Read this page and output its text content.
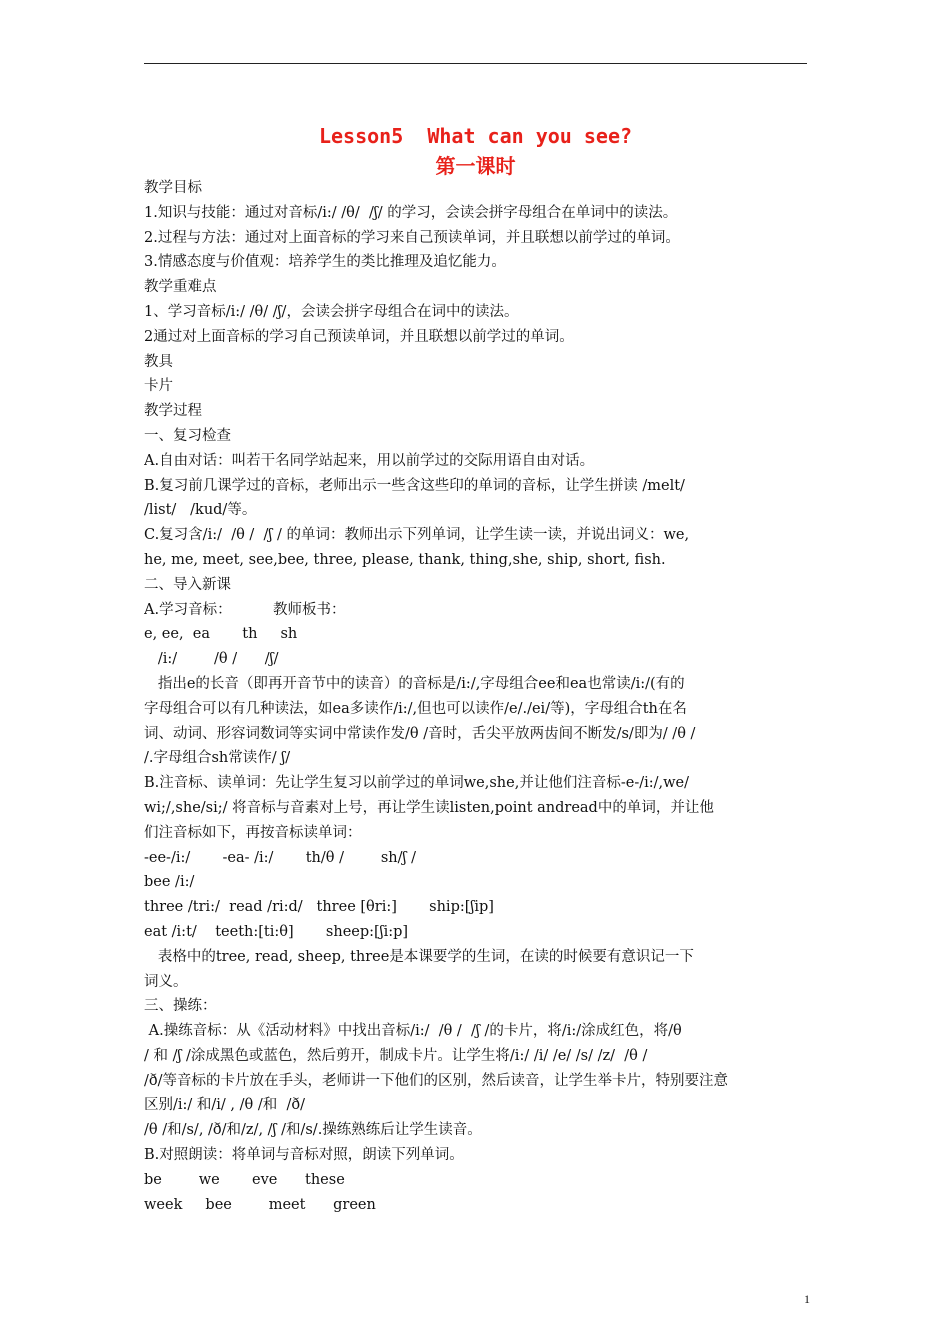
Lesson5  What can you see?
第一课时
教学目标
1.知识与技能：通过对音标/i:/ /θ/  /ʃ/ 的学习，会读会拼字母组合在单词中的读法。
2.过程与方法：通过对上面音标的学习来自己预读单词，并且联想以前学过的单词。
3.情感态度与价值观：培养学生的类比推理及追忆能力。
教学重难点
1、学习音标/i:/ /θ/ /ʃ/，会读会拼字母组合在词中的读法。
2通过对上面音标的学习自己预读单词，并且联想以前学过的单词。
教具
卡片
教学过程
一、复习检查
A.自由对话：叫若干名同学站起来，用以前学过的交际用语自由对话。
B.复习前几课学过的音标，老师出示一些含这些印的单词的音标，让学生拼读 /melt/
/list/   /kud/等。
C.复习含/i:/  /θ /  /ʃ / 的单词：教师出示下列单词，让学生读一读，并说出词义：we,
he, me, meet, see,bee, three, please, thank, thing,she, ship, short, fish.
二、导入新课
A.学习音标：         教师板书：
e, ee,  ea       th     sh
/i:/        /θ /      /ʃ/
指出e的长音（即再开音节中的读音）的音标是/i:/,字母组合ee和ea也常读/i:/(有的
字母组合可以有几种读法，如ea多读作/i:/,但也可以读作/e/./ei/等)，字母组合th在名
词、动词、形容词数词等实词中常读作发/θ /音时，舌尖平放两齿间不断发/s/即为/ /θ /
/.字母组合sh常读作/ ʃ/
B.注音标、读单词：先让学生复习以前学过的单词we,she,并让他们注音标-e-/i:/,we/
wi;/,she/si;/ 将音标与音素对上号，再让学生读listen,point andread中的单词，并让他
们注音标如下，再按音标读单词：
-ee-/i:/       -ea- /i:/       th/θ /        sh/ʃ /
bee /i:/
three /tri:/  read /ri:d/   three [θri:]       ship:[ʃip]
eat /i:t/    teeth:[ti:θ]       sheep:[ʃi:p]
表格中的tree, read, sheep, three是本课要学的生词，在读的时候要有意识记一下
词义。
三、操练：
A.操练音标：从《活动材料》中找出音标/i:/  /θ /  /ʃ /的卡片，将/i:/涂成红色，将/θ
/ 和 /ʃ /涂成黑色或蓝色，然后剪开，制成卡片。让学生将/i:/ /i/ /e/ /s/ /z/  /θ /
/ð/等音标的卡片放在手头，老师讲一下他们的区别，然后读音，让学生举卡片，特别要注意
区别/i:/ 和/i/ , /θ /和  /ð/
/θ /和/s/, /ð/和/z/, /ʃ /和/s/.操练熟练后让学生读音。
B.对照朗读：将单词与音标对照，朗读下列单词。
be        we       eve      these
week     bee        meet      green
1
